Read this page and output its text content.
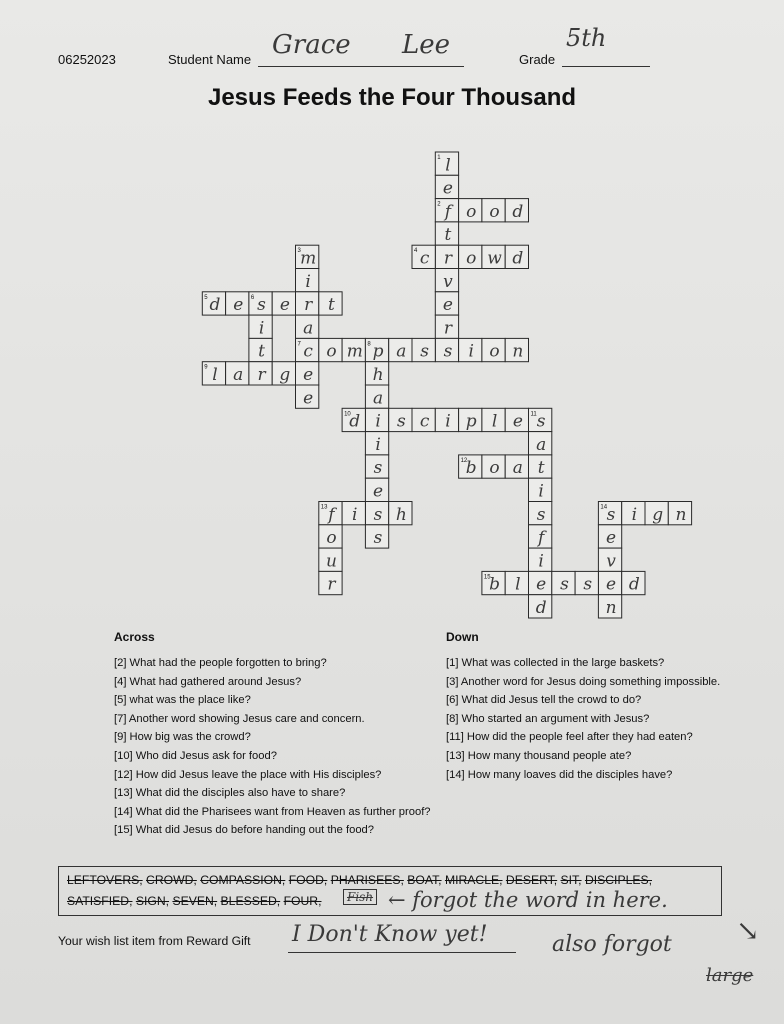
06252023	Student Name Grace Lee	Grade
5th
Jesus Feeds the Four Thousand
l
e
f
t
r
v
e
r
s
o o d
m
i
r
a
c
e
e
c o w d
d e s e t
i
t	o m p a s i o n
h
a
i
i
s
e
s
s
l a r g
d s c i p l e s
a
t
i
s
f
i
e
d
b o a
f i h
o
u
r
s i g n
e
v
e
n
b l s s d
1
2
3	4
5	6
7	8
9
10	11
12
13	14
15
Across
[2] What had the people forgotten to bring?
[4] What had gathered around Jesus?
[5] what was the place like?
[7] Another word showing Jesus care and concern.
[9] How big was the crowd?
[10] Who did Jesus ask for food?
[12] How did Jesus leave the place with His disciples?
[13] What did the disciples also have to share?
[14] What did the Pharisees want from Heaven as further proof?
[15] What did Jesus do before handing out the food?
Down
[1] What was collected in the large baskets?
[3] Another word for Jesus doing something impossible.
[6] What did Jesus tell the crowd to do?
[8] Who started an argument with Jesus?
[11] How did the people feel after they had eaten?
[13] How many thousand people ate?
[14] How many loaves did the disciples have?
LEFTOVERS, CROWD, COMPASSION, FOOD, PHARISEES, BOAT, MIRACLE, DESERT, SIT, DISCIPLES,
SATISFIED, SIGN, SEVEN, BLESSED, FOUR,	Fish ← forgot the word in here.
Your wish list item from Reward Gift I Don't Know yet!	also forgot ↘
large
